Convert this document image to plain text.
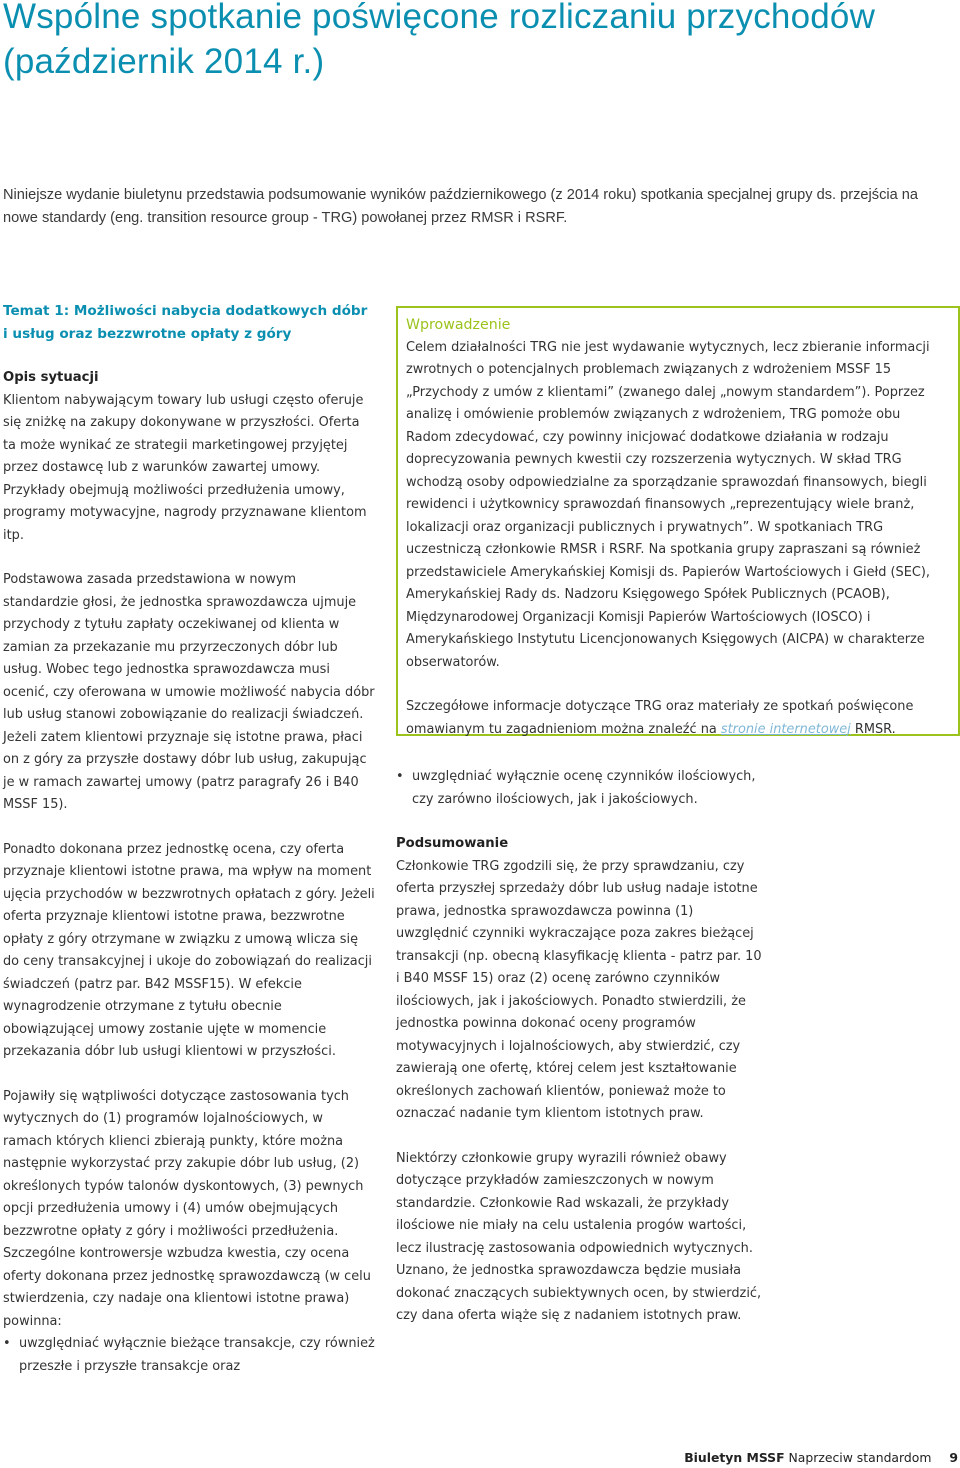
Wspólne spotkanie poświęcone rozliczaniu przychodów (październik 2014 r.)

Niniejsze wydanie biuletynu przedstawia podsumowanie wyników październikowego (z 2014 roku) spotkania specjalnej grupy ds. przejścia na nowe standardy (eng. transition resource group - TRG) powołanej przez RMSR i RSRF.

Temat 1: Możliwości nabycia dodatkowych dóbr i usług oraz bezzwrotne opłaty z góry

Opis sytuacji

Klientom nabywającym towary lub usługi często oferuje się zniżkę na zakupy dokonywane w przyszłości. Oferta ta może wynikać ze strategii marketingowej przyjętej przez dostawcę lub z warunków zawartej umowy. Przykłady obejmują możliwości przedłużenia umowy, programy motywacyjne, nagrody przyznawane klientom itp.

Podstawowa zasada przedstawiona w nowym standardzie głosi, że jednostka sprawozdawcza ujmuje przychody z tytułu zapłaty oczekiwanej od klienta w zamian za przekazanie mu przyrzeczonych dóbr lub usług. Wobec tego jednostka sprawozdawcza musi ocenić, czy oferowana w umowie możliwość nabycia dóbr lub usług stanowi zobowiązanie do realizacji świadczeń. Jeżeli zatem klientowi przyznaje się istotne prawa, płaci on z góry za przyszłe dostawy dóbr lub usług, zakupując je w ramach zawartej umowy (patrz paragrafy 26 i B40 MSSF 15).

Ponadto dokonana przez jednostkę ocena, czy oferta przyznaje klientowi istotne prawa, ma wpływ na moment ujęcia przychodów w bezzwrotnych opłatach z góry. Jeżeli oferta przyznaje klientowi istotne prawa, bezzwrotne opłaty z góry otrzymane w związku z umową wlicza się do ceny transakcyjnej i ukoje do zobowiązań do realizacji świadczeń (patrz par. B42 MSSF15). W efekcie wynagrodzenie otrzymane z tytułu obecnie obowiązującej umowy zostanie ujęte w momencie przekazania dóbr lub usługi klientowi w przyszłości.

Pojawiły się wątpliwości dotyczące zastosowania tych wytycznych do (1) programów lojalnościowych, w ramach których klienci zbierają punkty, które można następnie wykorzystać przy zakupie dóbr lub usług, (2) określonych typów talonów dyskontowych, (3) pewnych opcji przedłużenia umowy i (4) umów obejmujących bezzwrotne opłaty z góry i możliwości przedłużenia. Szczególne kontrowersje wzbudza kwestia, czy ocena oferty dokonana przez jednostkę sprawozdawczą (w celu stwierdzenia, czy nadaje ona klientowi istotne prawa) powinna:

• uwzględniać wyłącznie bieżące transakcje, czy również przeszłe i przyszłe transakcje oraz
Wprowadzenie

Celem działalności TRG nie jest wydawanie wytycznych, lecz zbieranie informacji zwrotnych o potencjalnych problemach związanych z wdrożeniem MSSF 15 „Przychody z umów z klientami” (zwanego dalej „nowym standardem”). Poprzez analizę i omówienie problemów związanych z wdrożeniem, TRG pomoże obu Radom zdecydować, czy powinny inicjować dodatkowe działania w rodzaju doprecyzowania pewnych kwestii czy rozszerzenia wytycznych. W skład TRG wchodzą osoby odpowiedzialne za sporządzanie sprawozdań finansowych, biegli rewidenci i użytkownicy sprawozdań finansowych „reprezentujący wiele branż, lokalizacji oraz organizacji publicznych i prywatnych”. W spotkaniach TRG uczestniczą członkowie RMSR i RSRF. Na spotkania grupy zapraszani są również przedstawiciele Amerykańskiej Komisji ds. Papierów Wartościowych i Giełd (SEC), Amerykańskiej Rady ds. Nadzoru Księgowego Spółek Publicznych (PCAOB), Międzynarodowej Organizacji Komisji Papierów Wartościowych (IOSCO) i Amerykańskiego Instytutu Licencjonowanych Księgowych (AICPA) w charakterze obserwatorów.

Szczegółowe informacje dotyczące TRG oraz materiały ze spotkań poświęcone omawianym tu zagadnieniom można znaleźć na stronie internetowej RMSR.

• uwzględniać wyłącznie ocenę czynników ilościowych, czy zarówno ilościowych, jak i jakościowych.

Podsumowanie

Członkowie TRG zgodzili się, że przy sprawdzaniu, czy oferta przyszłej sprzedaży dóbr lub usług nadaje istotne prawa, jednostka sprawozdawcza powinna (1) uwzględnić czynniki wykraczające poza zakres bieżącej transakcji (np. obecną klasyfikację klienta - patrz par. 10 i B40 MSSF 15) oraz (2) ocenę zarówno czynników ilościowych, jak i jakościowych. Ponadto stwierdzili, że jednostka powinna dokonać oceny programów motywacyjnych i lojalnościowych, aby stwierdzić, czy zawierają one ofertę, której celem jest kształtowanie określonych zachowań klientów, ponieważ może to oznaczać nadanie tym klientom istotnych praw.

Niektórzy członkowie grupy wyrazili również obawy dotyczące przykładów zamieszczonych w nowym standardzie. Członkowie Rad wskazali, że przykłady ilościowe nie miały na celu ustalenia progów wartości, lecz ilustrację zastosowania odpowiednich wytycznych. Uznano, że jednostka sprawozdawcza będzie musiała dokonać znaczących subiektywnych ocen, by stwierdzić, czy dana oferta wiąże się z nadaniem istotnych praw.

Biuletyn MSSF Naprzeciw standardom 9
